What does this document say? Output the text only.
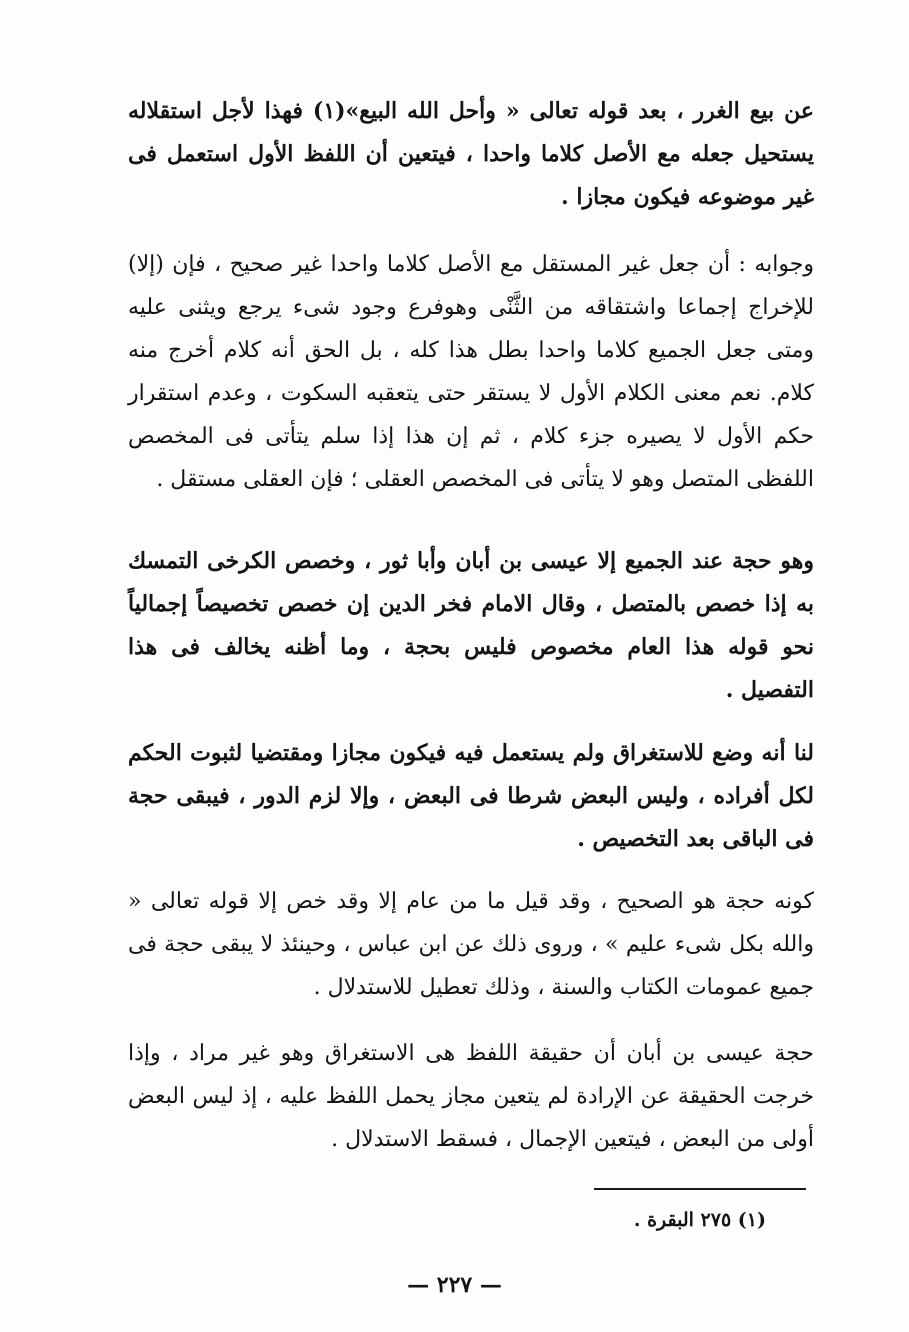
عن بيع الغرر ، بعد قوله تعالى « وأحل الله البيع»(١) فهذا لأجل استقلاله يستحيل جعله مع الأصل كلاما واحدا ، فيتعين أن اللفظ الأول استعمل فى غير موضوعه فيكون مجازا .

وجوابه : أن جعل غير المستقل مع الأصل كلاما واحدا غير صحيح ، فإن (إلا) للإخراج إجماعا واشتقاقه من الثَّنْى وهوفرع وجود شىء يرجع ويثنى عليه ومتى جعل الجميع كلاما واحدا بطل هذا كله ، بل الحق أنه كلام أخرج منه كلام. نعم معنى الكلام الأول لا يستقر حتى يتعقبه السكوت ، وعدم استقرار حكم الأول لا يصيره جزء كلام ، ثم إن هذا إذا سلم يتأتى فى المخصص اللفظى المتصل وهو لا يتأتى فى المخصص العقلى ؛ فإن العقلى مستقل .

وهو حجة عند الجميع إلا عيسى بن أبان وأبا ثور ، وخصص الكرخى التمسك به إذا خصص بالمتصل ، وقال الامام فخر الدين إن خصص تخصيصاً إجمالياً نحو قوله هذا العام مخصوص فليس بحجة ، وما أظنه يخالف فى هذا التفصيل .

لنا أنه وضع للاستغراق ولم يستعمل فيه فيكون مجازا ومقتضيا لثبوت الحكم لكل أفراده ، وليس البعض شرطا فى البعض ، وإلا لزم الدور ، فيبقى حجة فى الباقى بعد التخصيص .

كونه حجة هو الصحيح ، وقد قيل ما من عام إلا وقد خص إلا قوله تعالى « والله بكل شىء عليم » ، وروى ذلك عن ابن عباس ، وحينئذ لا يبقى حجة فى جميع عمومات الكتاب والسنة ، وذلك تعطيل للاستدلال .

حجة عيسى بن أبان أن حقيقة اللفظ هى الاستغراق وهو غير مراد ، وإذا خرجت الحقيقة عن الإرادة لم يتعين مجاز يحمل اللفظ عليه ، إذ ليس البعض أولى من البعض ، فيتعين الإجمال ، فسقط الاستدلال .

(١) ٢٧٥ البقرة .
— ٢٢٧ —
